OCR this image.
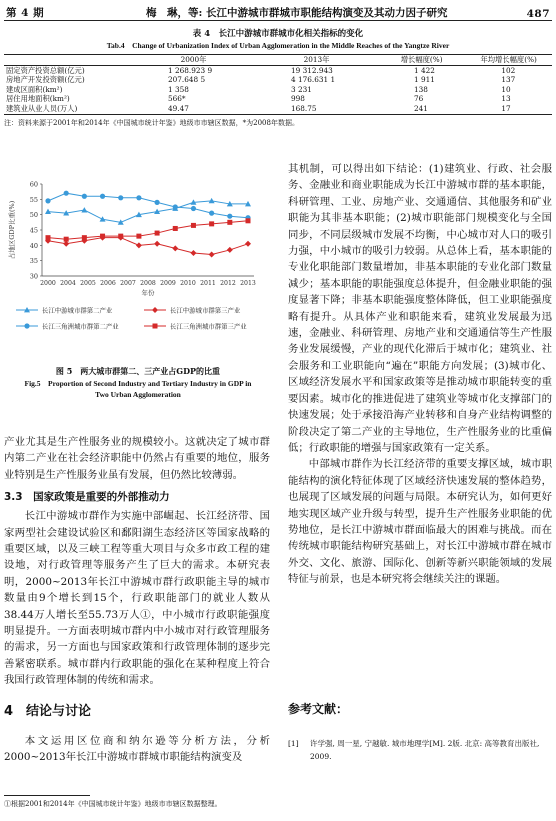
第 4 期	梅　琳，等: 长江中游城市群城市职能结构演变及其动力因子研究	487
表 4　长江中游城市群城市化相关指标的变化
Tab.4　Change of Urbanization Index of Urban Agglomeration in the Middle Reaches of the Yangtze River
	2000年	2013年	增长幅度(%)	年均增长幅度(%)
固定资产投资总额(亿元)	1 268.923 9	19 312.943	1 422	102
房地产开发投资额(亿元)	207.648 5	4 176.631 1	1 911	137
建成区面积(km²)	1 358	3 231	138	10
居住用地面积(km²)	566*	998	76	13
建筑业从业人员(万人)	49.47	168.75	241	17
注：资料来源于2001年和2014年《中国城市统计年鉴》地级市市辖区数据，*为2008年数据。
30
35
40
45
50
55
60
2000 2004 2005 2006 2007 2008 2009 2010 2011 2012 2013
年份
占地区GDP比重(%)
长江中游城市群第二产业	长江中游城市群第三产业
长江三角洲城市群第二产业	长江三角洲城市群第三产业
图 5　两大城市群第二、三产业占GDP的比重
Fig.5　Proportion of Second Industry and Tertiary Industry in GDP in
Two Urban Agglomeration

产业尤其是生产性服务业的规模较小。这就决定了城市群内第二产业在社会经济职能中仍然占有重要的地位，服务业特别是生产性服务业虽有发展，但仍然比较薄弱。

3.3　国家政策是重要的外部推动力

长江中游城市群作为实施中部崛起、长江经济带、国家两型社会建设试验区和鄱阳湖生态经济区等国家战略的重要区域，以及三峡工程等重大项目与众多市政工程的建设地，对行政管理等服务产生了巨大的需求。本研究表明，2000~2013年长江中游城市群行政职能主导的城市数量由9个增长到15个，行政职能部门的就业人数从38.44万人增长至55.73万人①，中小城市行政职能强度明显提升。一方面表明城市群内中小城市对行政管理服务的需求，另一方面也与国家政策和行政管理体制的逐步完善紧密联系。城市群内行政职能的强化在某种程度上符合我国行政管理体制的传统和需求。

4　结论与讨论

本文运用区位商和纳尔逊等分析方法，分析2000~2013年长江中游城市群城市职能结构演变及

其机制，可以得出如下结论：(1)建筑业、行政、社会服务、金融业和商业职能成为长江中游城市群的基本职能，科研管理、工业、房地产业、交通通信、其他服务和矿业职能为其非基本职能；(2)城市职能部门规模变化与全国同步，不同层级城市发展不均衡，中心城市对人口的吸引力强，中小城市的吸引力较弱。从总体上看，基本职能的专业化职能部门数量增加，非基本职能的专业化部门数量减少；基本职能的职能强度总体提升，但金融业职能的强度显著下降；非基本职能强度整体降低，但工业职能强度略有提升。从具体产业和职能来看，建筑业发展最为迅速，金融业、科研管理、房地产业和交通通信等生产性服务业发展缓慢，产业的现代化滞后于城市化；建筑业、社会服务和工业职能向“遍在”职能方向发展；(3)城市化、区域经济发展水平和国家政策等是推动城市职能转变的重要因素。城市化的推进促进了建筑业等城市化支撑部门的快速发展；处于承接沿海产业转移和自身产业结构调整的阶段决定了第二产业的主导地位，生产性服务业的比重偏低；行政职能的增强与国家政策有一定关系。

中部城市群作为长江经济带的重要支撑区域，城市职能结构的演化特征体现了区域经济快速发展的整体趋势，也展现了区域发展的问题与局限。本研究认为，如何更好地实现区域产业升级与转型，提升生产性服务业职能的优势地位，是长江中游城市群面临最大的困难与挑战。而在传统城市职能结构研究基础上，对长江中游城市群在城市外交、文化、旅游、国际化、创新等新兴职能领域的发展特征与前景，也是本研究将会继续关注的课题。

参考文献：
[1]	许学强, 周一星, 宁越敏. 城市地理学[M]. 2版. 北京: 高等教育出版社, 2009.
①根据2001和2014年《中国城市统计年鉴》地级市市辖区数据整理。
